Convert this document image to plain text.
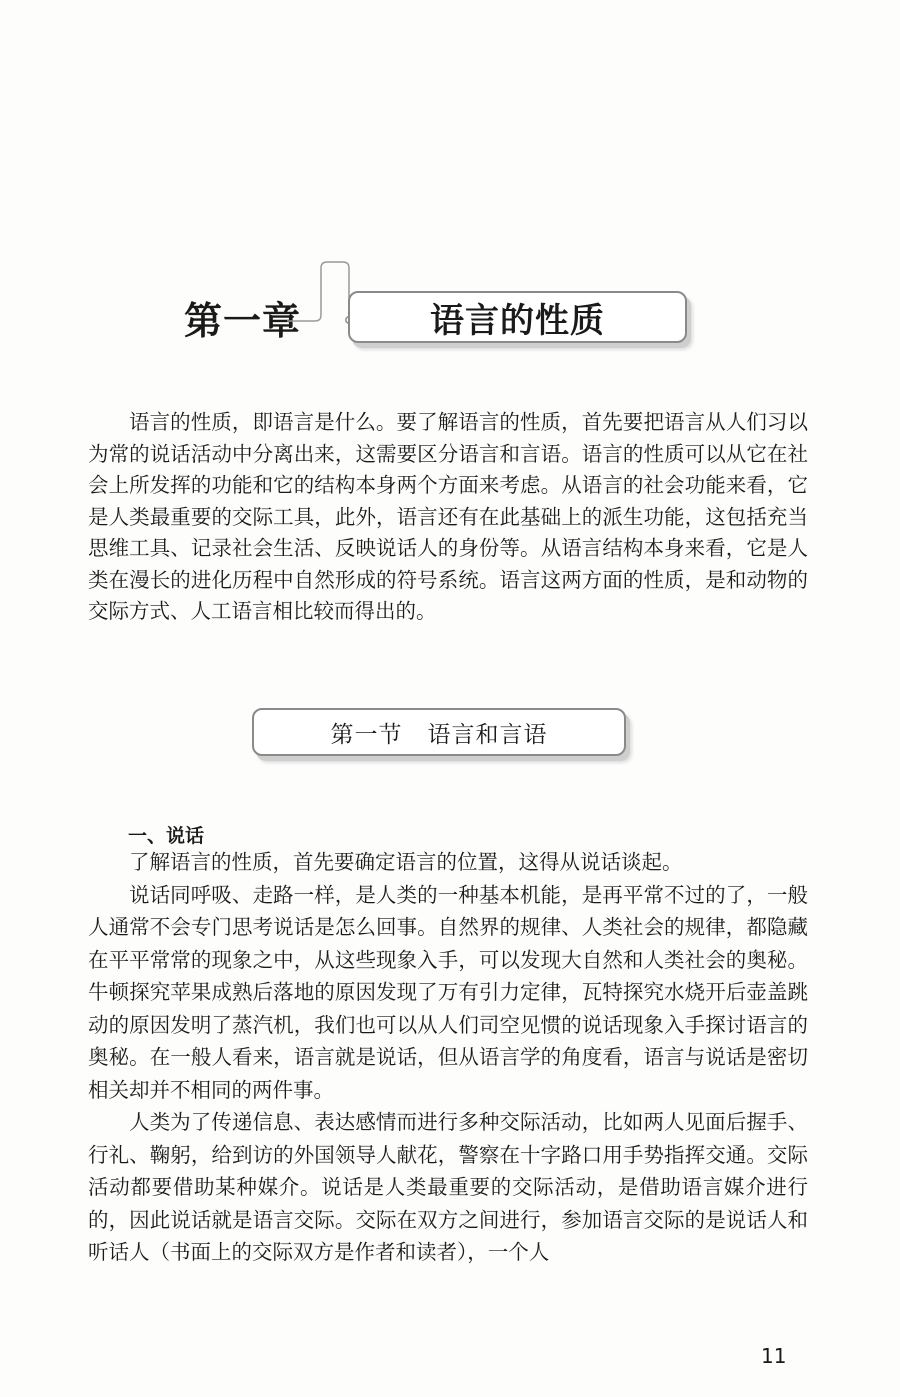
第一章	语言的性质

语言的性质，即语言是什么。要了解语言的性质，首先要把语言从人们习以为常的说话活动中分离出来，这需要区分语言和言语。语言的性质可以从它在社会上所发挥的功能和它的结构本身两个方面来考虑。从语言的社会功能来看，它是人类最重要的交际工具，此外，语言还有在此基础上的派生功能，这包括充当思维工具、记录社会生活、反映说话人的身份等。从语言结构本身来看，它是人类在漫长的进化历程中自然形成的符号系统。语言这两方面的性质，是和动物的交际方式、人工语言相比较而得出的。

第一节   语言和言语
一、说话

了解语言的性质，首先要确定语言的位置，这得从说话谈起。

说话同呼吸、走路一样，是人类的一种基本机能，是再平常不过的了，一般人通常不会专门思考说话是怎么回事。自然界的规律、人类社会的规律，都隐藏在平平常常的现象之中，从这些现象入手，可以发现大自然和人类社会的奥秘。牛顿探究苹果成熟后落地的原因发现了万有引力定律，瓦特探究水烧开后壶盖跳动的原因发明了蒸汽机，我们也可以从人们司空见惯的说话现象入手探讨语言的奥秘。在一般人看来，语言就是说话，但从语言学的角度看，语言与说话是密切相关却并不相同的两件事。

人类为了传递信息、表达感情而进行多种交际活动，比如两人见面后握手、行礼、鞠躬，给到访的外国领导人献花，警察在十字路口用手势指挥交通。交际活动都要借助某种媒介。说话是人类最重要的交际活动，是借助语言媒介进行的，因此说话就是语言交际。交际在双方之间进行，参加语言交际的是说话人和听话人（书面上的交际双方是作者和读者），一个人

11
